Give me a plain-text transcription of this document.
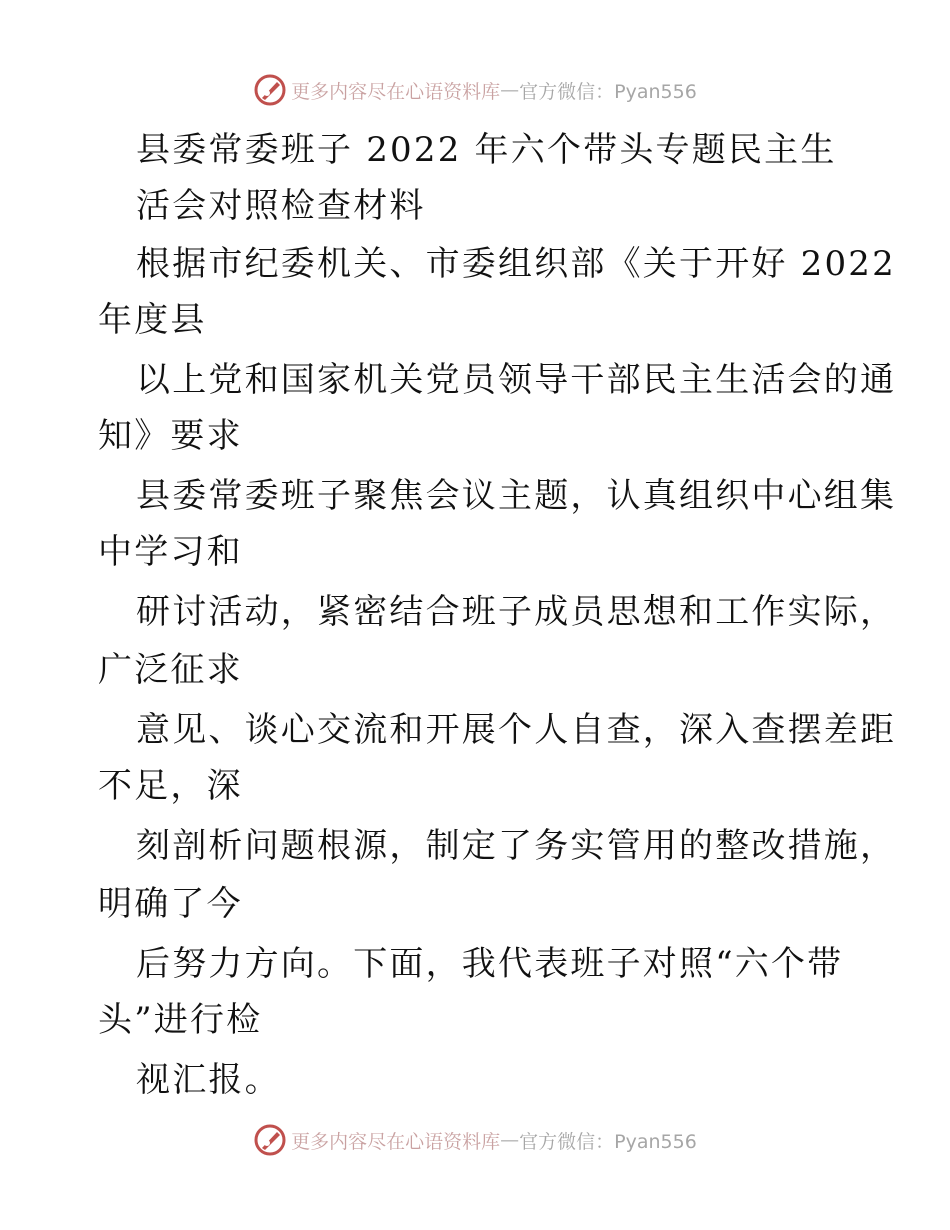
更多内容尽在心语资料库 — 官方微信：Pyan556
县委常委班子 2022 年六个带头专题民主生
活会对照检查材料
根据市纪委机关、市委组织部《关于开好 2022
年度县
以上党和国家机关党员领导干部民主生活会的通
知》要求
县委常委班子聚焦会议主题，认真组织中心组集
中学习和
研讨活动，紧密结合班子成员思想和工作实际，
广泛征求
意见、谈心交流和开展个人自查，深入查摆差距
不足，深
刻剖析问题根源，制定了务实管用的整改措施，
明确了今
后努力方向。下面，我代表班子对照“六个带
头”进行检
视汇报。
更多内容尽在心语资料库 — 官方微信：Pyan556
